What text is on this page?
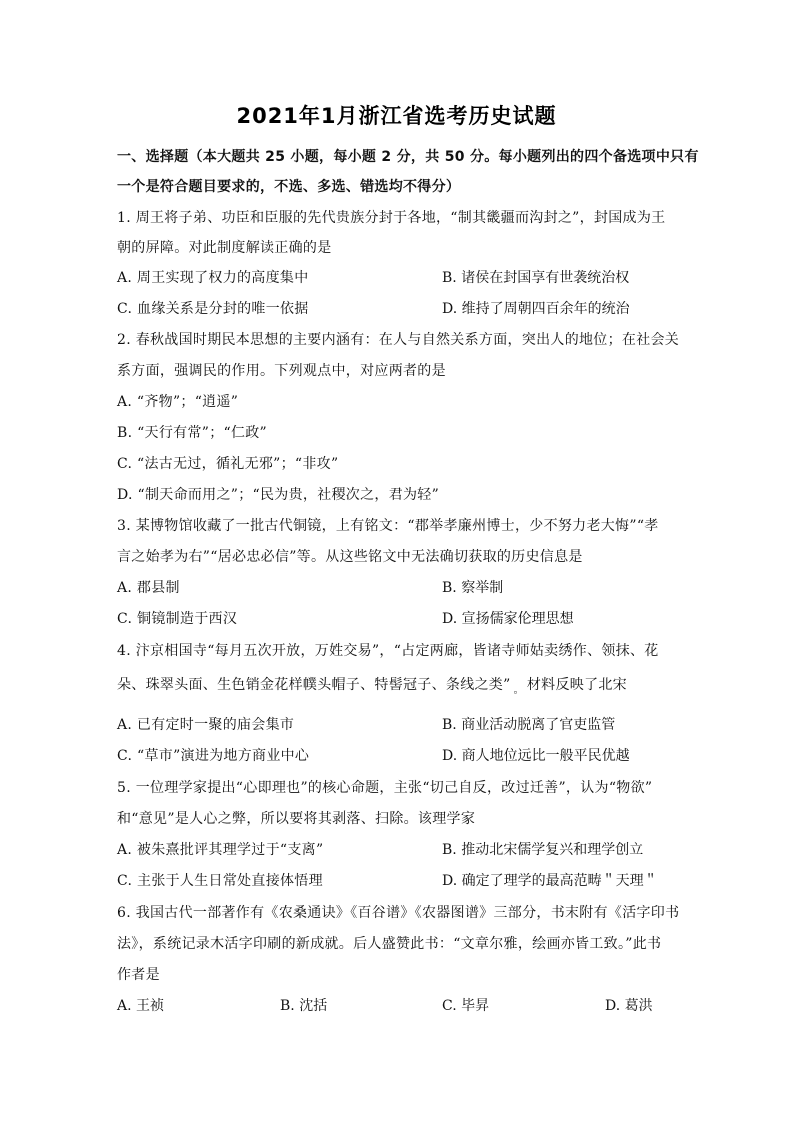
2021年1月浙江省选考历史试题
一、选择题（本大题共 25 小题，每小题 2 分，共 50 分。每小题列出的四个备选项中只有
一个是符合题目要求的，不选、多选、错选均不得分）
1. 周王将子弟、功臣和臣服的先代贵族分封于各地，“制其畿疆而沟封之”，封国成为王
朝的屏障。对此制度解读正确的是
A. 周王实现了权力的高度集中	B. 诸侯在封国享有世袭统治权
C. 血缘关系是分封的唯一依据	D. 维持了周朝四百余年的统治
2. 春秋战国时期民本思想的主要内涵有：在人与自然关系方面，突出人的地位；在社会关
系方面，强调民的作用。下列观点中，对应两者的是
A. “齐物”；“逍遥”
B. “天行有常”；“仁政”
C. “法古无过，循礼无邪”；“非攻”
D. “制天命而用之”；“民为贵，社稷次之，君为轻”
3. 某博物馆收藏了一批古代铜镜，上有铭文：“郡举孝廉州博士，少不努力老大悔”“孝
言之始孝为右”“居必忠必信”等。从这些铭文中无法确切获取的历史信息是
A. 郡县制	B. 察举制
C. 铜镜制造于西汉	D. 宣扬儒家伦理思想
4. 汴京相国寺“每月五次开放，万姓交易”，“占定两廊，皆诸寺师姑卖绣作、领抹、花
朵、珠翠头面、生色销金花样幞头帽子、特髻冠子、条线之类” $_。$ 材料反映了北宋
A. 已有定时一聚的庙会集市	B. 商业活动脱离了官吏监管
C. “草市”演进为地方商业中心	D. 商人地位远比一般平民优越
5. 一位理学家提出“心即理也”的核心命题，主张“切己自反，改过迁善”，认为“物欲”
和“意见”是人心之弊，所以要将其剥落、扫除。该理学家
A. 被朱熹批评其理学过于“支离”	B. 推动北宋儒学复兴和理学创立
C. 主张于人生日常处直接体悟理	D. 确定了理学的最高范畴＂天理＂
6. 我国古代一部著作有《农桑通诀》《百谷谱》《农器图谱》三部分，书末附有《活字印书
法》，系统记录木活字印刷的新成就。后人盛赞此书：“文章尔雅，绘画亦皆工致。”此书
作者是
A. 王祯	B. 沈括	C. 毕昇	D. 葛洪
